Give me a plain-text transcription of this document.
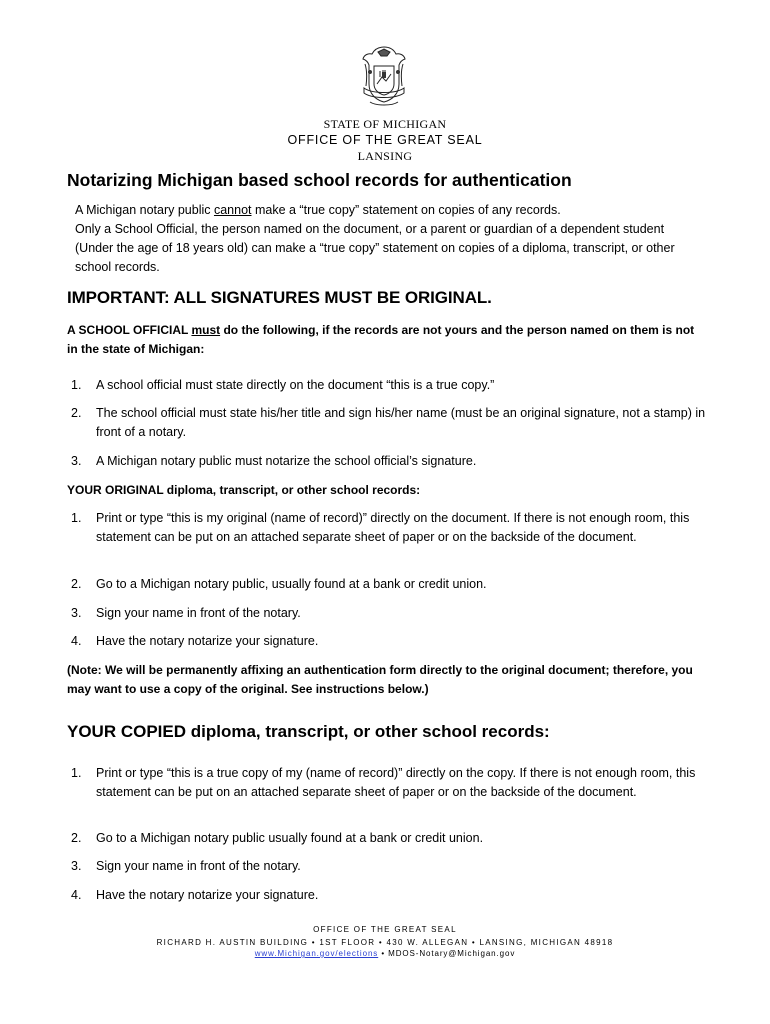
STATE OF MICHIGAN
OFFICE OF THE GREAT SEAL
LANSING
Notarizing Michigan based school records for authentication
A Michigan notary public cannot make a “true copy” statement on copies of any records.
Only a School Official, the person named on the document, or a parent or guardian of a dependent student (Under the age of 18 years old) can make a “true copy” statement on copies of a diploma, transcript, or other school records.
IMPORTANT: ALL SIGNATURES MUST BE ORIGINAL.
A SCHOOL OFFICIAL must do the following, if the records are not yours and the person named on them is not in the state of Michigan:
1.	A school official must state directly on the document “this is a true copy.”
2.	The school official must state his/her title and sign his/her name (must be an original signature, not a stamp) in front of a notary.
3.	A Michigan notary public must notarize the school official’s signature.
YOUR ORIGINAL diploma, transcript, or other school records:
1.	Print or type “this is my original (name of record)” directly on the document. If there is not enough room, this statement can be put on an attached separate sheet of paper or on the backside of the document.
2.	Go to a Michigan notary public, usually found at a bank or credit union.
3.	Sign your name in front of the notary.
4.	Have the notary notarize your signature.
(Note: We will be permanently affixing an authentication form directly to the original document; therefore, you may want to use a copy of the original. See instructions below.)
YOUR COPIED diploma, transcript, or other school records:
1.	Print or type “this is a true copy of my (name of record)” directly on the copy. If there is not enough room, this statement can be put on an attached separate sheet of paper or on the backside of the document.
2.	Go to a Michigan notary public usually found at a bank or credit union.
3.	Sign your name in front of the notary.
4.	Have the notary notarize your signature.
OFFICE OF THE GREAT SEAL
RICHARD H. AUSTIN BUILDING • 1ST FLOOR • 430 W. ALLEGAN • LANSING, MICHIGAN 48918
www.Michigan.gov/elections • MDOS-Notary@Michigan.gov
